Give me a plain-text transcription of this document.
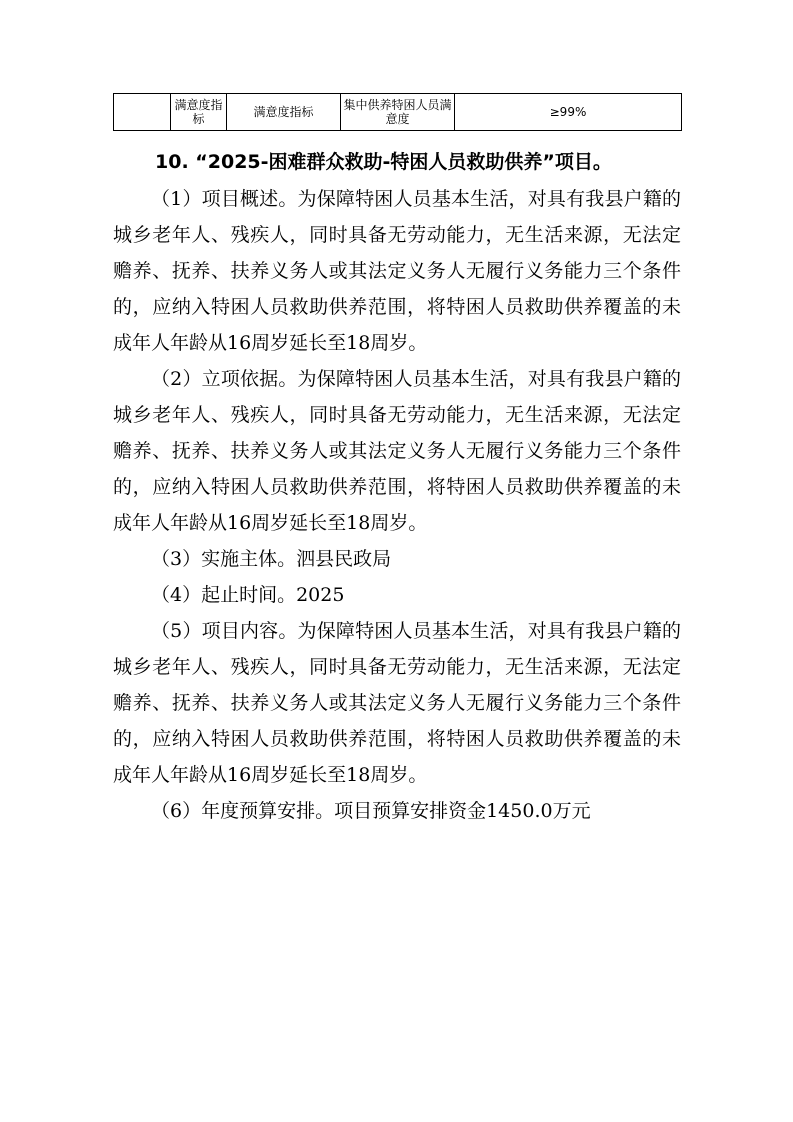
	满意度指标	满意度指标	集中供养特困人员满意度	≥99%
10. “2025-困难群众救助-特困人员救助供养”项目。

（1）项目概述。为保障特困人员基本生活，对具有我县户籍的城乡老年人、残疾人，同时具备无劳动能力，无生活来源，无法定赡养、抚养、扶养义务人或其法定义务人无履行义务能力三个条件的，应纳入特困人员救助供养范围，将特困人员救助供养覆盖的未成年人年龄从16周岁延长至18周岁。

（2）立项依据。为保障特困人员基本生活，对具有我县户籍的城乡老年人、残疾人，同时具备无劳动能力，无生活来源，无法定赡养、抚养、扶养义务人或其法定义务人无履行义务能力三个条件的，应纳入特困人员救助供养范围，将特困人员救助供养覆盖的未成年人年龄从16周岁延长至18周岁。

（3）实施主体。泗县民政局

（4）起止时间。2025

（5）项目内容。为保障特困人员基本生活，对具有我县户籍的城乡老年人、残疾人，同时具备无劳动能力，无生活来源，无法定赡养、抚养、扶养义务人或其法定义务人无履行义务能力三个条件的，应纳入特困人员救助供养范围，将特困人员救助供养覆盖的未成年人年龄从16周岁延长至18周岁。

（6）年度预算安排。项目预算安排资金1450.0万元
